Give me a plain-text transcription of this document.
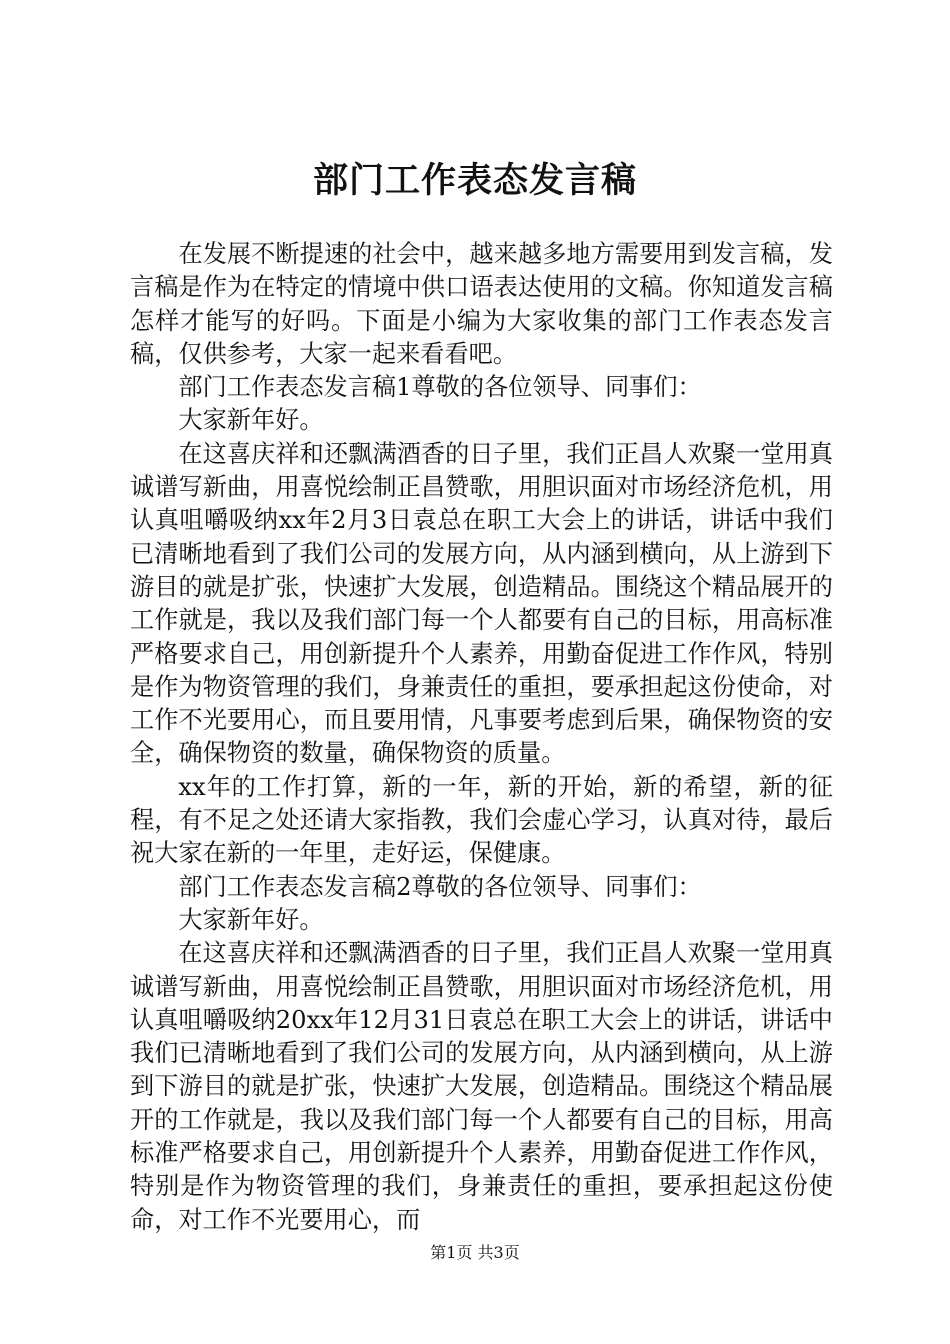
部门工作表态发言稿

在发展不断提速的社会中，越来越多地方需要用到发言稿，发言稿是作为在特定的情境中供口语表达使用的文稿。你知道发言稿怎样才能写的好吗。下面是小编为大家收集的部门工作表态发言稿，仅供参考，大家一起来看看吧。

部门工作表态发言稿1尊敬的各位领导、同事们：

大家新年好。

在这喜庆祥和还飘满酒香的日子里，我们正昌人欢聚一堂用真诚谱写新曲，用喜悦绘制正昌赞歌，用胆识面对市场经济危机，用认真咀嚼吸纳xx年2月3日袁总在职工大会上的讲话，讲话中我们已清晰地看到了我们公司的发展方向，从内涵到横向，从上游到下游目的就是扩张，快速扩大发展，创造精品。围绕这个精品展开的工作就是，我以及我们部门每一个人都要有自己的目标，用高标准严格要求自己，用创新提升个人素养，用勤奋促进工作作风，特别是作为物资管理的我们，身兼责任的重担，要承担起这份使命，对工作不光要用心，而且要用情，凡事要考虑到后果，确保物资的安全，确保物资的数量，确保物资的质量。

xx年的工作打算，新的一年，新的开始，新的希望，新的征程，有不足之处还请大家指教，我们会虚心学习，认真对待，最后祝大家在新的一年里，走好运，保健康。

部门工作表态发言稿2尊敬的各位领导、同事们：

大家新年好。

在这喜庆祥和还飘满酒香的日子里，我们正昌人欢聚一堂用真诚谱写新曲，用喜悦绘制正昌赞歌，用胆识面对市场经济危机，用认真咀嚼吸纳20xx年12月31日袁总在职工大会上的讲话，讲话中我们已清晰地看到了我们公司的发展方向，从内涵到横向，从上游到下游目的就是扩张，快速扩大发展，创造精品。围绕这个精品展开的工作就是，我以及我们部门每一个人都要有自己的目标，用高标准严格要求自己，用创新提升个人素养，用勤奋促进工作作风，特别是作为物资管理的我们，身兼责任的重担，要承担起这份使命，对工作不光要用心，而

第1页 共3页
